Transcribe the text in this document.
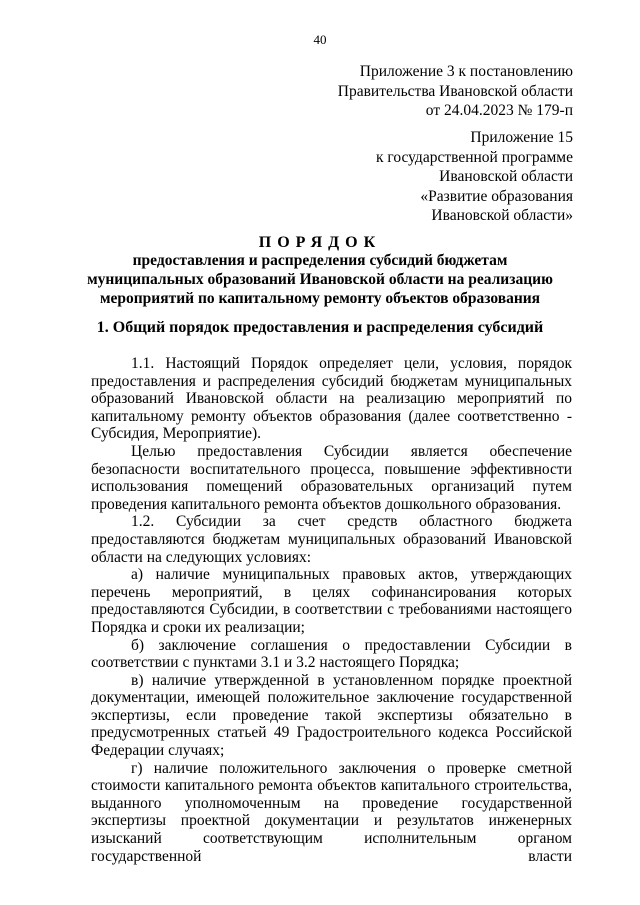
40
Приложение 3 к постановлению
Правительства Ивановской области
от 24.04.2023 № 179-п
Приложение 15
к государственной программе
Ивановской области
«Развитие образования
Ивановской области»
ПОРЯДОК
предоставления и распределения субсидий бюджетам
муниципальных образований Ивановской области на реализацию
мероприятий по капитальному ремонту объектов образования
1. Общий порядок предоставления и распределения субсидий

1.1. Настоящий Порядок определяет цели, условия, порядок предоставления и распределения субсидий бюджетам муниципальных образований Ивановской области на реализацию мероприятий по капитальному ремонту объектов образования (далее соответственно - Субсидия, Мероприятие).

Целью предоставления Субсидии является обеспечение безопасности воспитательного процесса, повышение эффективности использования помещений образовательных организаций путем проведения капитального ремонта объектов дошкольного образования.

1.2. Субсидии за счет средств областного бюджета предоставляются бюджетам муниципальных образований Ивановской области на следующих условиях:

а) наличие муниципальных правовых актов, утверждающих перечень мероприятий, в целях софинансирования которых предоставляются Субсидии, в соответствии с требованиями настоящего Порядка и сроки их реализации;

б) заключение соглашения о предоставлении Субсидии в соответствии с пунктами 3.1 и 3.2 настоящего Порядка;

в) наличие утвержденной в установленном порядке проектной документации, имеющей положительное заключение государственной экспертизы, если проведение такой экспертизы обязательно в предусмотренных статьей 49 Градостроительного кодекса Российской Федерации случаях;

г) наличие положительного заключения о проверке сметной стоимости капитального ремонта объектов капитального строительства, выданного уполномоченным на проведение государственной экспертизы проектной документации и результатов инженерных изысканий соответствующим исполнительным органом государственной власти
